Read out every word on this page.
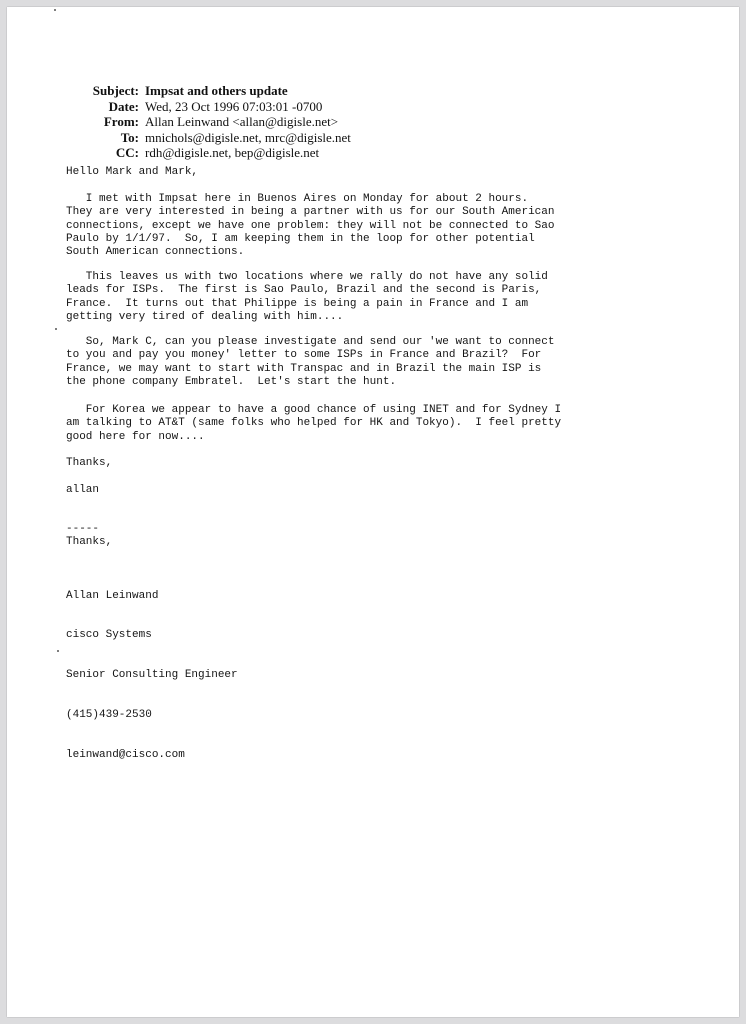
Subject: Impsat and others update
Date: Wed, 23 Oct 1996 07:03:01 -0700
From: Allan Leinwand <allan@digisle.net>
To: mnichols@digisle.net, mrc@digisle.net
CC: rdh@digisle.net, bep@digisle.net
Hello Mark and Mark,
I met with Impsat here in Buenos Aires on Monday for about 2 hours.
They are very interested in being a partner with us for our South American
connections, except we have one problem: they will not be connected to Sao
Paulo by 1/1/97.  So, I am keeping them in the loop for other potential
South American connections.
This leaves us with two locations where we rally do not have any solid
leads for ISPs.  The first is Sao Paulo, Brazil and the second is Paris,
France.  It turns out that Philippe is being a pain in France and I am
getting very tired of dealing with him....
So, Mark C, can you please investigate and send our 'we want to connect
to you and pay you money' letter to some ISPs in France and Brazil?  For
France, we may want to start with Transpac and in Brazil the main ISP is
the phone company Embratel.  Let's start the hunt.
For Korea we appear to have a good chance of using INET and for Sydney I
am talking to AT&T (same folks who helped for HK and Tokyo).  I feel pretty
good here for now....
Thanks,
allan
-----
Thanks,

Allan Leinwand

cisco Systems

Senior Consulting Engineer

(415)439-2530

leinwand@cisco.com
